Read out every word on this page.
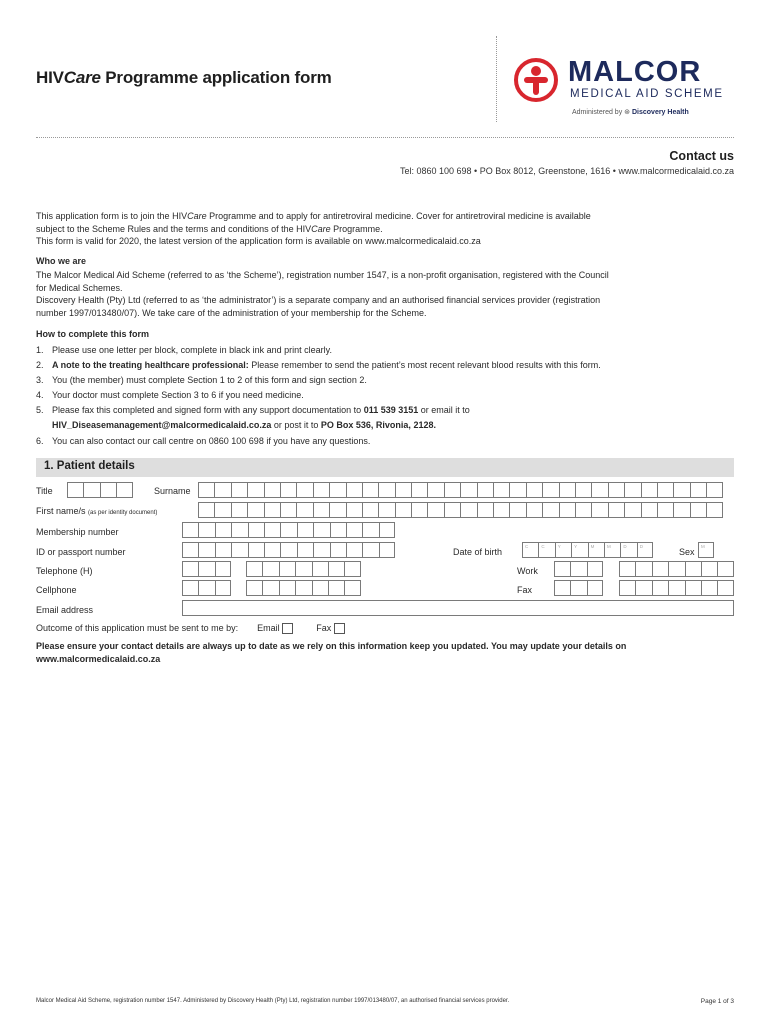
HIVCare Programme application form	MALCOR
MEDICAL AID SCHEME
Administered by ⊛ Discovery Health
Contact us
Tel: 0860 100 698 • PO Box 8012, Greenstone, 1616 • www.malcormedicalaid.co.za
This application form is to join the HIVCare Programme and to apply for antiretroviral medicine. Cover for antiretroviral medicine is available
subject to the Scheme Rules and the terms and conditions of the HIVCare Programme.
This form is valid for 2020, the latest version of the application form is available on www.malcormedicalaid.co.za
Who we are
The Malcor Medical Aid Scheme (referred to as ‘the Scheme’), registration number 1547, is a non-profit organisation, registered with the Council
for Medical Schemes.
Discovery Health (Pty) Ltd (referred to as ‘the administrator’) is a separate company and an authorised financial services provider (registration
number 1997/013480/07). We take care of the administration of your membership for the Scheme.
How to complete this form
1. Please use one letter per block, complete in black ink and print clearly.
2. A note to the treating healthcare professional: Please remember to send the patient’s most recent relevant blood results with this form.
3. You (the member) must complete Section 1 to 2 of this form and sign section 2.
4. Your doctor must complete Section 3 to 6 if you need medicine.
5. Please fax this completed and signed form with any support documentation to 011 539 3151 or email it to
HIV_Diseasemanagement@malcormedicalaid.co.za or post it to PO Box 536, Rivonia, 2128.
6. You can also contact our call centre on 0860 100 698 if you have any questions.
1. Patient details
Title	Surname
First name/s (as per identity document)
Membership number
ID or passport number	Date of birth
C	C	Y	Y	M	M	D	D
Sex
M
Telephone (H)	Work
Cellphone	Fax
Email address
Outcome of this application must be sent to me by: Email	Fax
Please ensure your contact details are always up to date as we rely on this information keep you updated. You may update your details on
www.malcormedicalaid.co.za
Malcor Medical Aid Scheme, registration number 1547. Administered by Discovery Health (Pty) Ltd, registration number 1997/013480/07, an authorised financial services provider.	Page 1 of 3
